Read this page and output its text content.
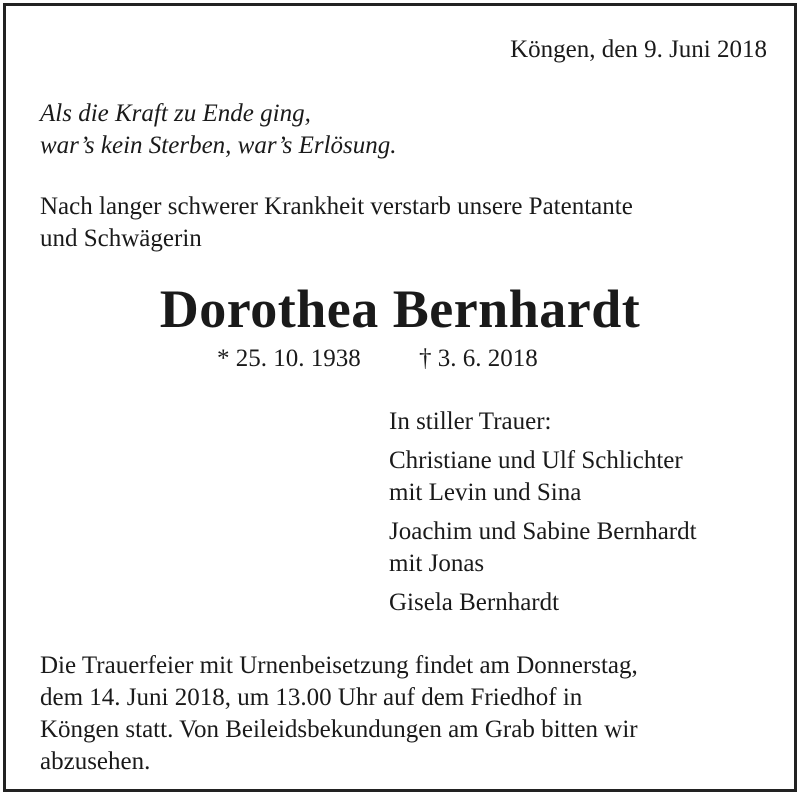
Köngen, den 9. Juni 2018
Als die Kraft zu Ende ging,
war’s kein Sterben, war’s Erlösung.
Nach langer schwerer Krankheit verstarb unsere Patentante
und Schwägerin
Dorothea Bernhardt
* 25. 10. 1938 † 3. 6. 2018
In stiller Trauer:
Christiane und Ulf Schlichter
mit Levin und Sina
Joachim und Sabine Bernhardt
mit Jonas
Gisela Bernhardt
Die Trauerfeier mit Urnenbeisetzung findet am Donnerstag,
dem 14. Juni 2018, um 13.00 Uhr auf dem Friedhof in
Köngen statt. Von Beileidsbekundungen am Grab bitten wir
abzusehen.
